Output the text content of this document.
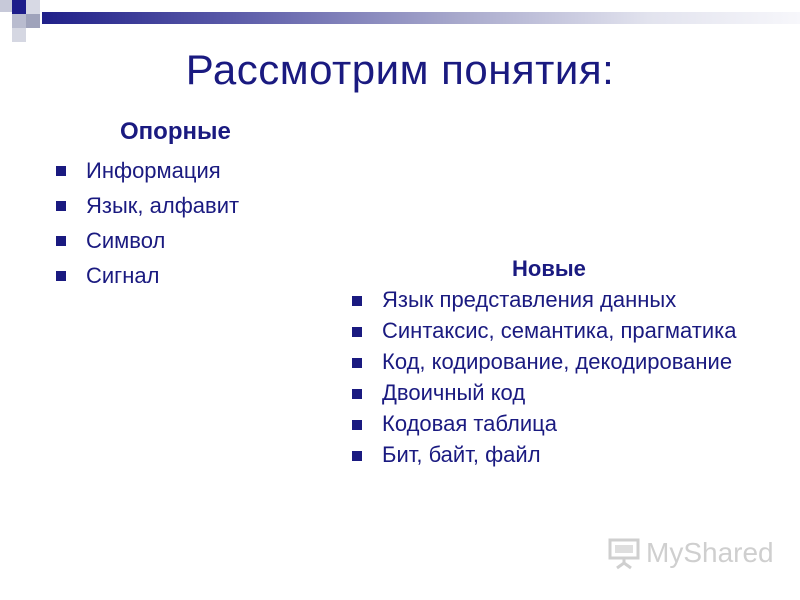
Рассмотрим понятия:
Опорные
Информация
Язык, алфавит
Символ
Сигнал	Новые
Язык представления данных
Синтаксис, семантика, прагматика
Код, кодирование, декодирование
Двоичный код
Кодовая таблица
Бит, байт, файл
MyShared
